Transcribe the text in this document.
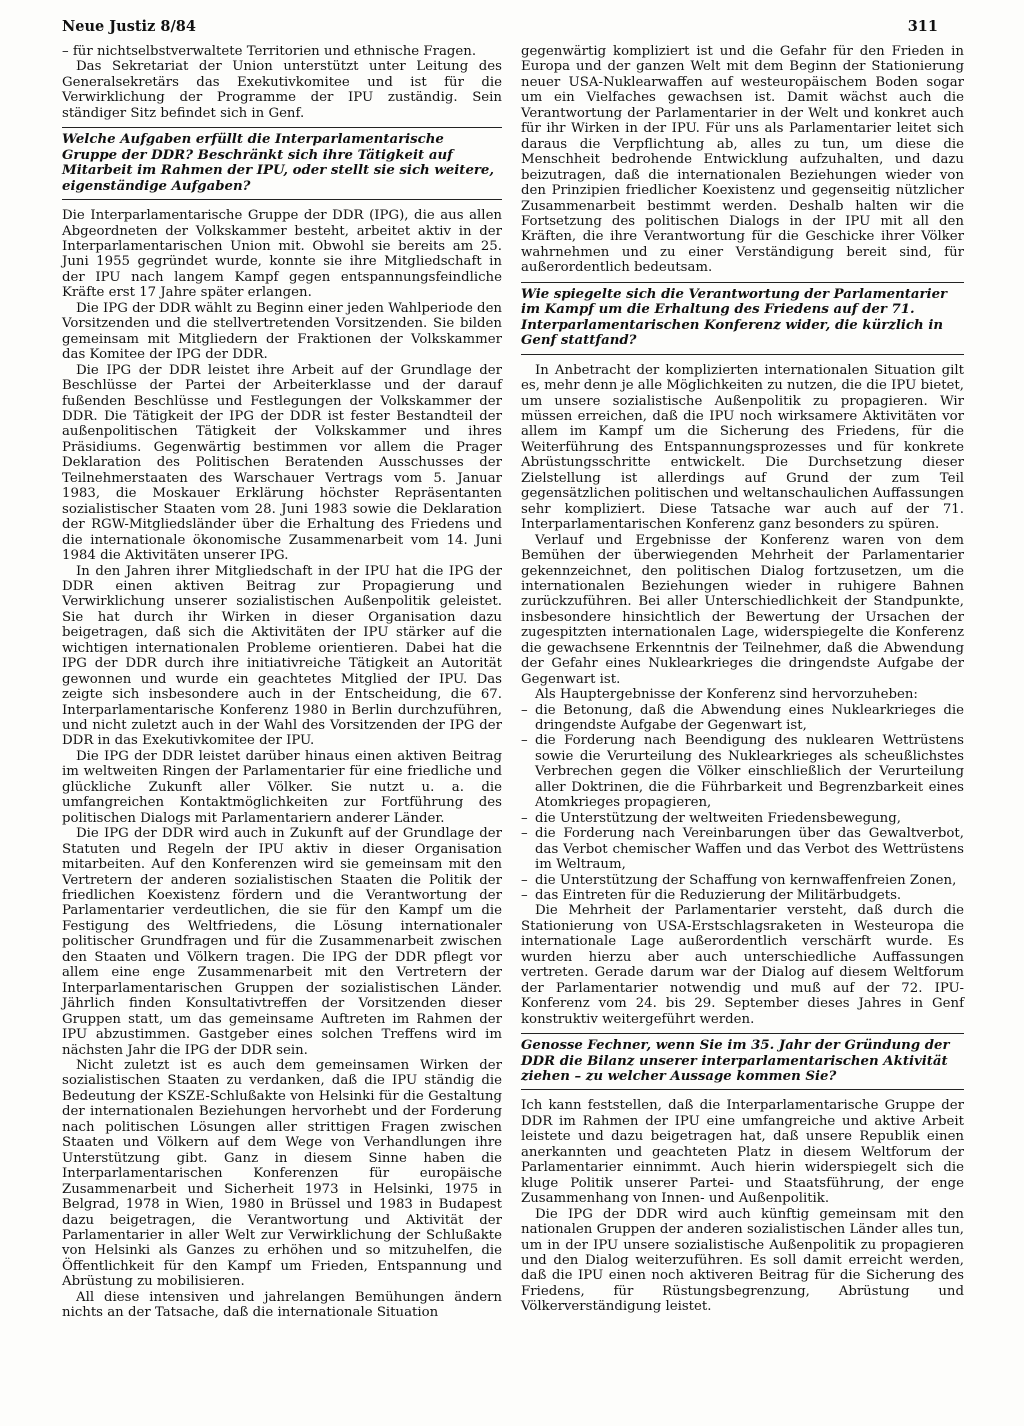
Neue Justiz 8/84	311

– für nichtselbstverwaltete Territorien und ethnische Fragen.

Das Sekretariat der Union unterstützt unter Leitung des Generalsekretärs das Exekutivkomitee und ist für die Verwirklichung der Programme der IPU zuständig. Sein ständiger Sitz befindet sich in Genf.

Welche Aufgaben erfüllt die Interparlamentarische Gruppe der DDR? Beschränkt sich ihre Tätigkeit auf Mitarbeit im Rahmen der IPU, oder stellt sie sich weitere, eigenständige Aufgaben?

Die Interparlamentarische Gruppe der DDR (IPG), die aus allen Abgeordneten der Volkskammer besteht, arbeitet aktiv in der Interparlamentarischen Union mit. Obwohl sie bereits am 25. Juni 1955 gegründet wurde, konnte sie ihre Mitgliedschaft in der IPU nach langem Kampf gegen entspannungsfeindliche Kräfte erst 17 Jahre später erlangen.

Die IPG der DDR wählt zu Beginn einer jeden Wahlperiode den Vorsitzenden und die stellvertretenden Vorsitzenden. Sie bilden gemeinsam mit Mitgliedern der Fraktionen der Volkskammer das Komitee der IPG der DDR.

Die IPG der DDR leistet ihre Arbeit auf der Grundlage der Beschlüsse der Partei der Arbeiterklasse und der darauf fußenden Beschlüsse und Festlegungen der Volkskammer der DDR. Die Tätigkeit der IPG der DDR ist fester Bestandteil der außenpolitischen Tätigkeit der Volkskammer und ihres Präsidiums. Gegenwärtig bestimmen vor allem die Prager Deklaration des Politischen Beratenden Ausschusses der Teilnehmerstaaten des Warschauer Vertrags vom 5. Januar 1983, die Moskauer Erklärung höchster Repräsentanten sozialistischer Staaten vom 28. Juni 1983 sowie die Deklaration der RGW-Mitgliedsländer über die Erhaltung des Friedens und die internationale ökonomische Zusammenarbeit vom 14. Juni 1984 die Aktivitäten unserer IPG.

In den Jahren ihrer Mitgliedschaft in der IPU hat die IPG der DDR einen aktiven Beitrag zur Propagierung und Verwirklichung unserer sozialistischen Außenpolitik geleistet. Sie hat durch ihr Wirken in dieser Organisation dazu beigetragen, daß sich die Aktivitäten der IPU stärker auf die wichtigen internationalen Probleme orientieren. Dabei hat die IPG der DDR durch ihre initiativreiche Tätigkeit an Autorität gewonnen und wurde ein geachtetes Mitglied der IPU. Das zeigte sich insbesondere auch in der Entscheidung, die 67. Interparlamentarische Konferenz 1980 in Berlin durchzuführen, und nicht zuletzt auch in der Wahl des Vorsitzenden der IPG der DDR in das Exekutivkomitee der IPU.

Die IPG der DDR leistet darüber hinaus einen aktiven Beitrag im weltweiten Ringen der Parlamentarier für eine friedliche und glückliche Zukunft aller Völker. Sie nutzt u. a. die umfangreichen Kontaktmöglichkeiten zur Fortführung des politischen Dialogs mit Parlamentariern anderer Länder.

Die IPG der DDR wird auch in Zukunft auf der Grundlage der Statuten und Regeln der IPU aktiv in dieser Organisation mitarbeiten. Auf den Konferenzen wird sie gemeinsam mit den Vertretern der anderen sozialistischen Staaten die Politik der friedlichen Koexistenz fördern und die Verantwortung der Parlamentarier verdeutlichen, die sie für den Kampf um die Festigung des Weltfriedens, die Lösung internationaler politischer Grundfragen und für die Zusammenarbeit zwischen den Staaten und Völkern tragen. Die IPG der DDR pflegt vor allem eine enge Zusammenarbeit mit den Vertretern der Interparlamentarischen Gruppen der sozialistischen Länder. Jährlich finden Konsultativtreffen der Vorsitzenden dieser Gruppen statt, um das gemeinsame Auftreten im Rahmen der IPU abzustimmen. Gastgeber eines solchen Treffens wird im nächsten Jahr die IPG der DDR sein.

Nicht zuletzt ist es auch dem gemeinsamen Wirken der sozialistischen Staaten zu verdanken, daß die IPU ständig die Bedeutung der KSZE-Schlußakte von Helsinki für die Gestaltung der internationalen Beziehungen hervorhebt und der Forderung nach politischen Lösungen aller strittigen Fragen zwischen Staaten und Völkern auf dem Wege von Verhandlungen ihre Unterstützung gibt. Ganz in diesem Sinne haben die Interparlamentarischen Konferenzen für europäische Zusammenarbeit und Sicherheit 1973 in Helsinki, 1975 in Belgrad, 1978 in Wien, 1980 in Brüssel und 1983 in Budapest dazu beigetragen, die Verantwortung und Aktivität der Parlamentarier in aller Welt zur Verwirklichung der Schlußakte von Helsinki als Ganzes zu erhöhen und so mitzuhelfen, die Öffentlichkeit für den Kampf um Frieden, Entspannung und Abrüstung zu mobilisieren.

All diese intensiven und jahrelangen Bemühungen ändern nichts an der Tatsache, daß die internationale Situation

gegenwärtig kompliziert ist und die Gefahr für den Frieden in Europa und der ganzen Welt mit dem Beginn der Stationierung neuer USA-Nuklearwaffen auf westeuropäischem Boden sogar um ein Vielfaches gewachsen ist. Damit wächst auch die Verantwortung der Parlamentarier in der Welt und konkret auch für ihr Wirken in der IPU. Für uns als Parlamentarier leitet sich daraus die Verpflichtung ab, alles zu tun, um diese die Menschheit bedrohende Entwicklung aufzuhalten, und dazu beizutragen, daß die internationalen Beziehungen wieder von den Prinzipien friedlicher Koexistenz und gegenseitig nützlicher Zusammenarbeit bestimmt werden. Deshalb halten wir die Fortsetzung des politischen Dialogs in der IPU mit all den Kräften, die ihre Verantwortung für die Geschicke ihrer Völker wahrnehmen und zu einer Verständigung bereit sind, für außerordentlich bedeutsam.

Wie spiegelte sich die Verantwortung der Parlamentarier im Kampf um die Erhaltung des Friedens auf der 71. Interparlamentarischen Konferenz wider, die kürzlich in Genf stattfand?

In Anbetracht der komplizierten internationalen Situation gilt es, mehr denn je alle Möglichkeiten zu nutzen, die die IPU bietet, um unsere sozialistische Außenpolitik zu propagieren. Wir müssen erreichen, daß die IPU noch wirksamere Aktivitäten vor allem im Kampf um die Sicherung des Friedens, für die Weiterführung des Entspannungsprozesses und für konkrete Abrüstungsschritte entwickelt. Die Durchsetzung dieser Zielstellung ist allerdings auf Grund der zum Teil gegensätzlichen politischen und weltanschaulichen Auffassungen sehr kompliziert. Diese Tatsache war auch auf der 71. Interparlamentarischen Konferenz ganz besonders zu spüren.

Verlauf und Ergebnisse der Konferenz waren von dem Bemühen der überwiegenden Mehrheit der Parlamentarier gekennzeichnet, den politischen Dialog fortzusetzen, um die internationalen Beziehungen wieder in ruhigere Bahnen zurückzuführen. Bei aller Unterschiedlichkeit der Standpunkte, insbesondere hinsichtlich der Bewertung der Ursachen der zugespitzten internationalen Lage, widerspiegelte die Konferenz die gewachsene Erkenntnis der Teilnehmer, daß die Abwendung der Gefahr eines Nuklearkrieges die dringendste Aufgabe der Gegenwart ist.

Als Hauptergebnisse der Konferenz sind hervorzuheben:

– die Betonung, daß die Abwendung eines Nuklearkrieges die dringendste Aufgabe der Gegenwart ist,
– die Forderung nach Beendigung des nuklearen Wettrüstens sowie die Verurteilung des Nuklearkrieges als scheußlichstes Verbrechen gegen die Völker einschließlich der Verurteilung aller Doktrinen, die die Führbarkeit und Begrenzbarkeit eines Atomkrieges propagieren,
– die Unterstützung der weltweiten Friedensbewegung,
– die Forderung nach Vereinbarungen über das Gewaltverbot, das Verbot chemischer Waffen und das Verbot des Wettrüstens im Weltraum,
– die Unterstützung der Schaffung von kernwaffenfreien Zonen,
– das Eintreten für die Reduzierung der Militärbudgets.

Die Mehrheit der Parlamentarier versteht, daß durch die Stationierung von USA-Erstschlagsraketen in Westeuropa die internationale Lage außerordentlich verschärft wurde. Es wurden hierzu aber auch unterschiedliche Auffassungen vertreten. Gerade darum war der Dialog auf diesem Weltforum der Parlamentarier notwendig und muß auf der 72. IPU-Konferenz vom 24. bis 29. September dieses Jahres in Genf konstruktiv weitergeführt werden.

Genosse Fechner, wenn Sie im 35. Jahr der Gründung der DDR die Bilanz unserer interparlamentarischen Aktivität ziehen – zu welcher Aussage kommen Sie?

Ich kann feststellen, daß die Interparlamentarische Gruppe der DDR im Rahmen der IPU eine umfangreiche und aktive Arbeit leistete und dazu beigetragen hat, daß unsere Republik einen anerkannten und geachteten Platz in diesem Weltforum der Parlamentarier einnimmt. Auch hierin widerspiegelt sich die kluge Politik unserer Partei- und Staatsführung, der enge Zusammenhang von Innen- und Außenpolitik.

Die IPG der DDR wird auch künftig gemeinsam mit den nationalen Gruppen der anderen sozialistischen Länder alles tun, um in der IPU unsere sozialistische Außenpolitik zu propagieren und den Dialog weiterzuführen. Es soll damit erreicht werden, daß die IPU einen noch aktiveren Beitrag für die Sicherung des Friedens, für Rüstungsbegrenzung, Abrüstung und Völkerverständigung leistet.
